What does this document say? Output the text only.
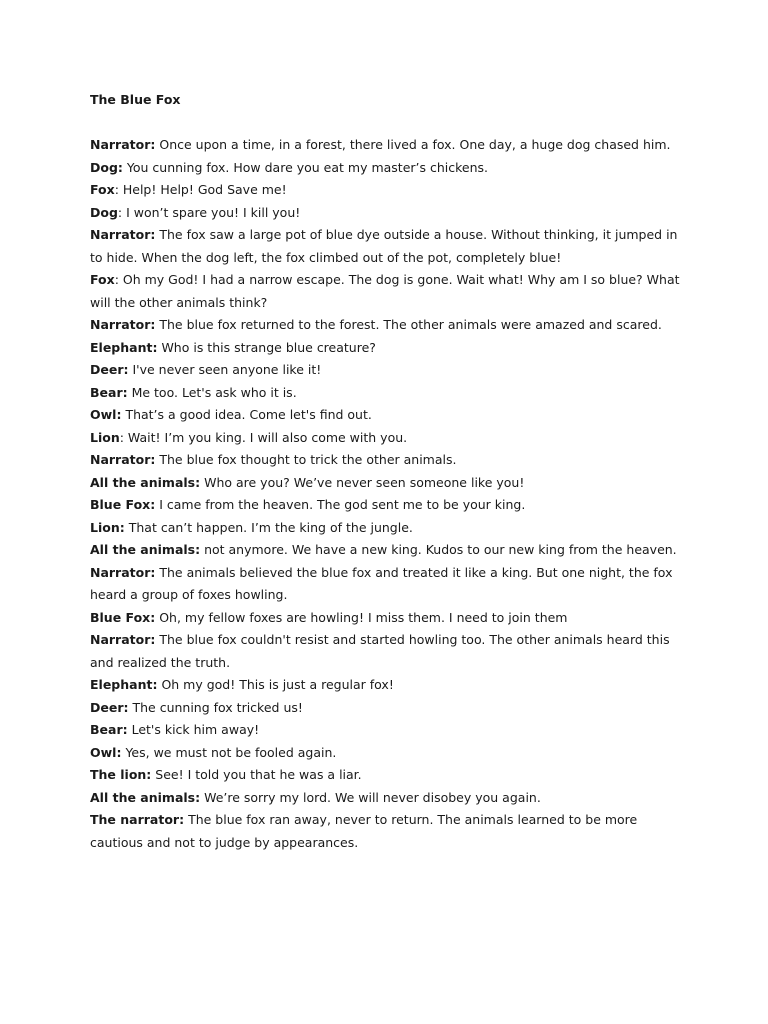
The Blue Fox
Narrator: Once upon a time, in a forest, there lived a fox. One day, a huge dog chased him.
Dog: You cunning fox. How dare you eat my master’s chickens.
Fox: Help! Help! God Save me!
Dog: I won’t spare you! I kill you!
Narrator: The fox saw a large pot of blue dye outside a house. Without thinking, it jumped in to hide. When the dog left, the fox climbed out of the pot, completely blue!
Fox: Oh my God! I had a narrow escape. The dog is gone. Wait what! Why am I so blue? What will the other animals think?
Narrator: The blue fox returned to the forest. The other animals were amazed and scared.
Elephant: Who is this strange blue creature?
Deer: I've never seen anyone like it!
Bear: Me too. Let's ask who it is.
Owl: That’s a good idea. Come let's find out.
Lion: Wait! I’m you king. I will also come with you.
Narrator: The blue fox thought to trick the other animals.
All the animals: Who are you? We’ve never seen someone like you!
Blue Fox: I came from the heaven. The god sent me to be your king.
Lion: That can’t happen. I’m the king of the jungle.
All the animals: not anymore. We have a new king. Kudos to our new king from the heaven.
Narrator: The animals believed the blue fox and treated it like a king. But one night, the fox heard a group of foxes howling.
Blue Fox: Oh, my fellow foxes are howling! I miss them. I need to join them
Narrator: The blue fox couldn't resist and started howling too. The other animals heard this and realized the truth.
Elephant: Oh my god! This is just a regular fox!
Deer: The cunning fox tricked us!
Bear: Let's kick him away!
Owl: Yes, we must not be fooled again.
The lion: See! I told you that he was a liar.
All the animals: We’re sorry my lord. We will never disobey you again.
The narrator: The blue fox ran away, never to return. The animals learned to be more cautious and not to judge by appearances.
